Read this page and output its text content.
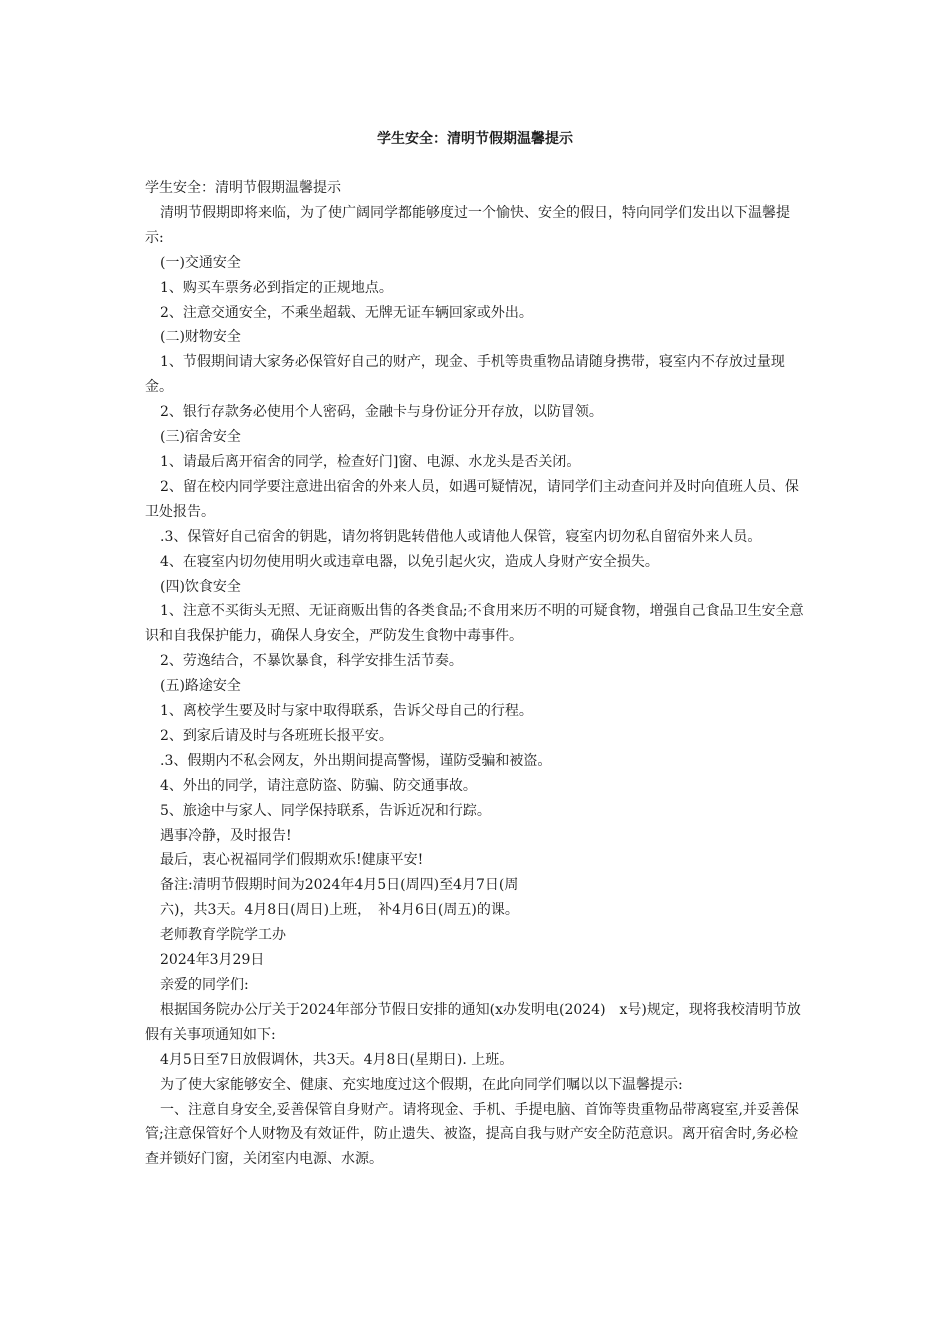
学生安全：清明节假期温馨提示

学生安全：清明节假期温馨提示

清明节假期即将来临，为了使广阔同学都能够度过一个愉快、安全的假日，特向同学们发出以下温馨提示:

(一)交通安全

1、购买车票务必到指定的正规地点。

2、注意交通安全，不乘坐超载、无牌无证车辆回家或外出。

(二)财物安全

1、节假期间请大家务必保管好自己的财产，现金、手机等贵重物品请随身携带，寝室内不存放过量现金。

2、银行存款务必使用个人密码，金融卡与身份证分开存放，以防冒领。

(三)宿舍安全

1、请最后离开宿舍的同学，检查好门]窗、电源、水龙头是否关闭。

2、留在校内同学要注意进出宿舍的外来人员，如遇可疑情况，请同学们主动查问并及时向值班人员、保卫处报告。

.3、保管好自己宿舍的钥匙，请勿将钥匙转借他人或请他人保管，寝室内切勿私自留宿外来人员。

4、在寝室内切勿使用明火或违章电器，以免引起火灾，造成人身财产安全损失。

(四)饮食安全

1、注意不买街头无照、无证商贩出售的各类食品;不食用来历不明的可疑食物，增强自己食品卫生安全意识和自我保护能力，确保人身安全，严防发生食物中毒事件。

2、劳逸结合，不暴饮暴食，科学安排生活节奏。

(五)路途安全

1、离校学生要及时与家中取得联系，告诉父母自己的行程。

2、到家后请及时与各班班长报平安。

.3、假期内不私会网友，外出期间提高警惕，谨防受骗和被盗。

4、外出的同学，请注意防盗、防骗、防交通事故。

5、旅途中与家人、同学保持联系，告诉近况和行踪。

遇事冷静，及时报告!

最后，衷心祝福同学们假期欢乐!健康平安!

备注:清明节假期时间为2024年4月5日(周四)至4月7日(周

六)，共3天。4月8日(周日)上班，　补4月6日(周五)的课。

老师教育学院学工办

2024年3月29日

亲爱的同学们:

根据国务院办公厅关于2024年部分节假日安排的通知(x办发明电(2024)　x号)规定，现将我校清明节放假有关事项通知如下:

4月5日至7日放假调休，共3天。4月8日(星期日). 上班。

为了使大家能够安全、健康、充实地度过这个假期，在此向同学们嘱以以下温馨提示:

一、注意自身安全,妥善保管自身财产。请将现金、手机、手提电脑、首饰等贵重物品带离寝室,并妥善保管;注意保管好个人财物及有效证件，防止遗失、被盗，提高自我与财产安全防范意识。离开宿舍时,务必检查并锁好门窗，关闭室内电源、水源。
